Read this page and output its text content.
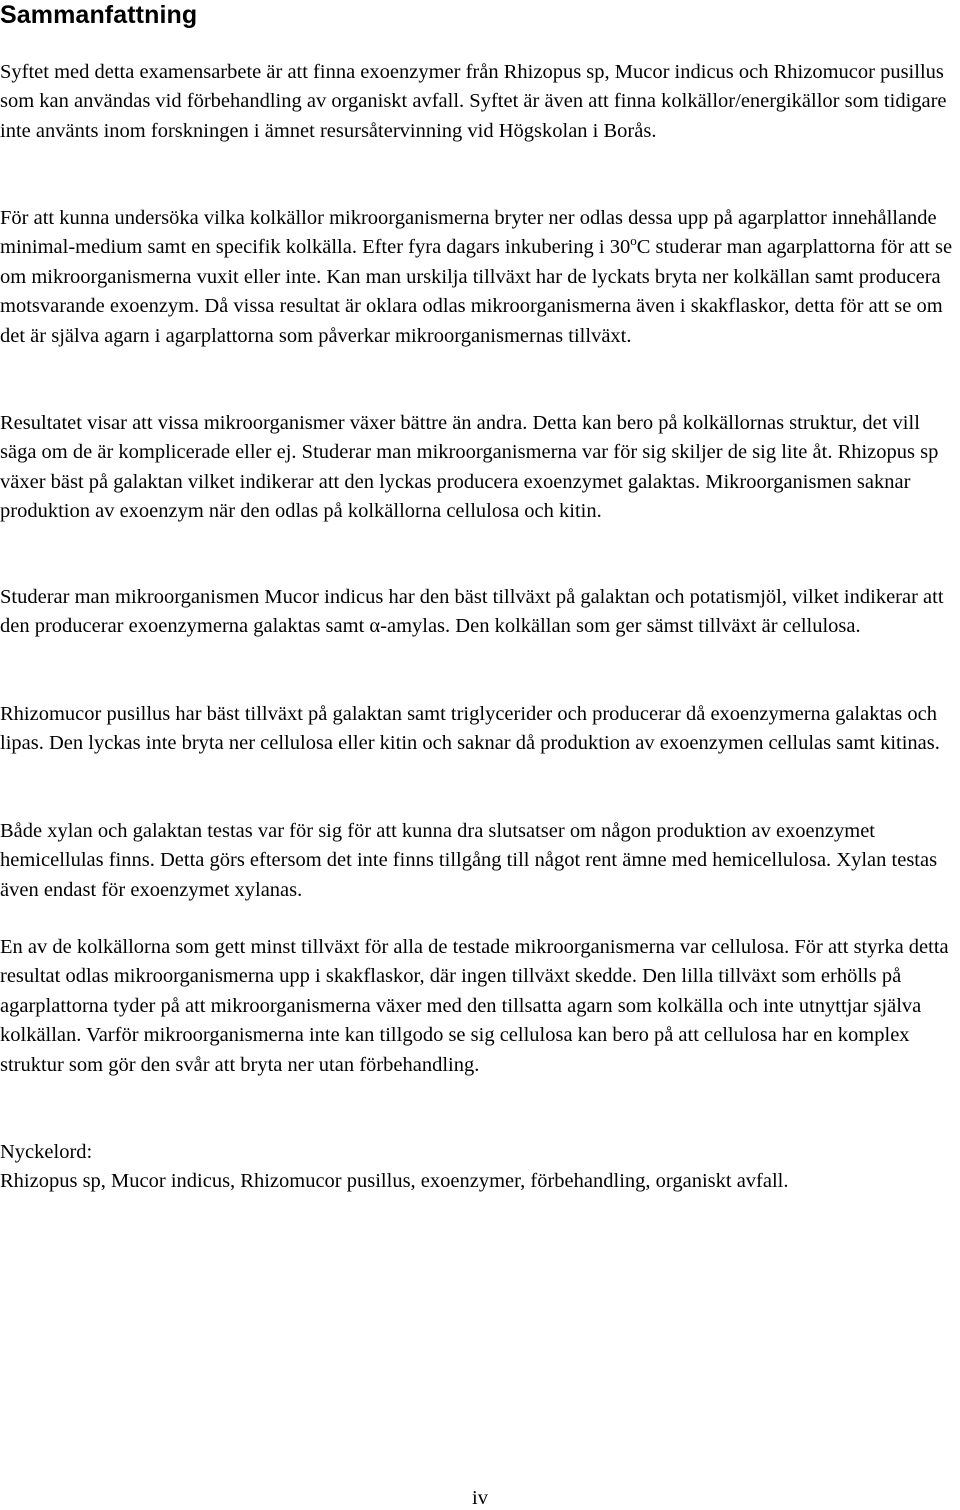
Sammanfattning

Syftet med detta examensarbete är att finna exoenzymer från Rhizopus sp, Mucor indicus och Rhizomucor pusillus som kan användas vid förbehandling av organiskt avfall. Syftet är även att finna kolkällor/energikällor som tidigare inte använts inom forskningen i ämnet resursåtervinning vid Högskolan i Borås.

För att kunna undersöka vilka kolkällor mikroorganismerna bryter ner odlas dessa upp på agarplattor innehållande minimal-medium samt en specifik kolkälla. Efter fyra dagars inkubering i 30$^o$C studerar man agarplattorna för att se om mikroorganismerna vuxit eller inte. Kan man urskilja tillväxt har de lyckats bryta ner kolkällan samt producera motsvarande exoenzym. Då vissa resultat är oklara odlas mikroorganismerna även i skakflaskor, detta för att se om det är själva agarn i agarplattorna som påverkar mikroorganismernas tillväxt.

Resultatet visar att vissa mikroorganismer växer bättre än andra. Detta kan bero på kolkällornas struktur, det vill säga om de är komplicerade eller ej. Studerar man mikroorganismerna var för sig skiljer de sig lite åt. Rhizopus sp växer bäst på galaktan vilket indikerar att den lyckas producera exoenzymet galaktas. Mikroorganismen saknar produktion av exoenzym när den odlas på kolkällorna cellulosa och kitin.

Studerar man mikroorganismen Mucor indicus har den bäst tillväxt på galaktan och potatismjöl, vilket indikerar att den producerar exoenzymerna galaktas samt α-amylas. Den kolkällan som ger sämst tillväxt är cellulosa.

Rhizomucor pusillus har bäst tillväxt på galaktan samt triglycerider och producerar då exoenzymerna galaktas och lipas. Den lyckas inte bryta ner cellulosa eller kitin och saknar då produktion av exoenzymen cellulas samt kitinas.

Både xylan och galaktan testas var för sig för att kunna dra slutsatser om någon produktion av exoenzymet hemicellulas finns. Detta görs eftersom det inte finns tillgång till något rent ämne med hemicellulosa. Xylan testas även endast för exoenzymet xylanas.

En av de kolkällorna som gett minst tillväxt för alla de testade mikroorganismerna var cellulosa. För att styrka detta resultat odlas mikroorganismerna upp i skakflaskor, där ingen tillväxt skedde. Den lilla tillväxt som erhölls på agarplattorna tyder på att mikroorganismerna växer med den tillsatta agarn som kolkälla och inte utnyttjar själva kolkällan. Varför mikroorganismerna inte kan tillgodo se sig cellulosa kan bero på att cellulosa har en komplex struktur som gör den svår att bryta ner utan förbehandling.

Nyckelord:
Rhizopus sp, Mucor indicus, Rhizomucor pusillus, exoenzymer, förbehandling, organiskt avfall.
iv
